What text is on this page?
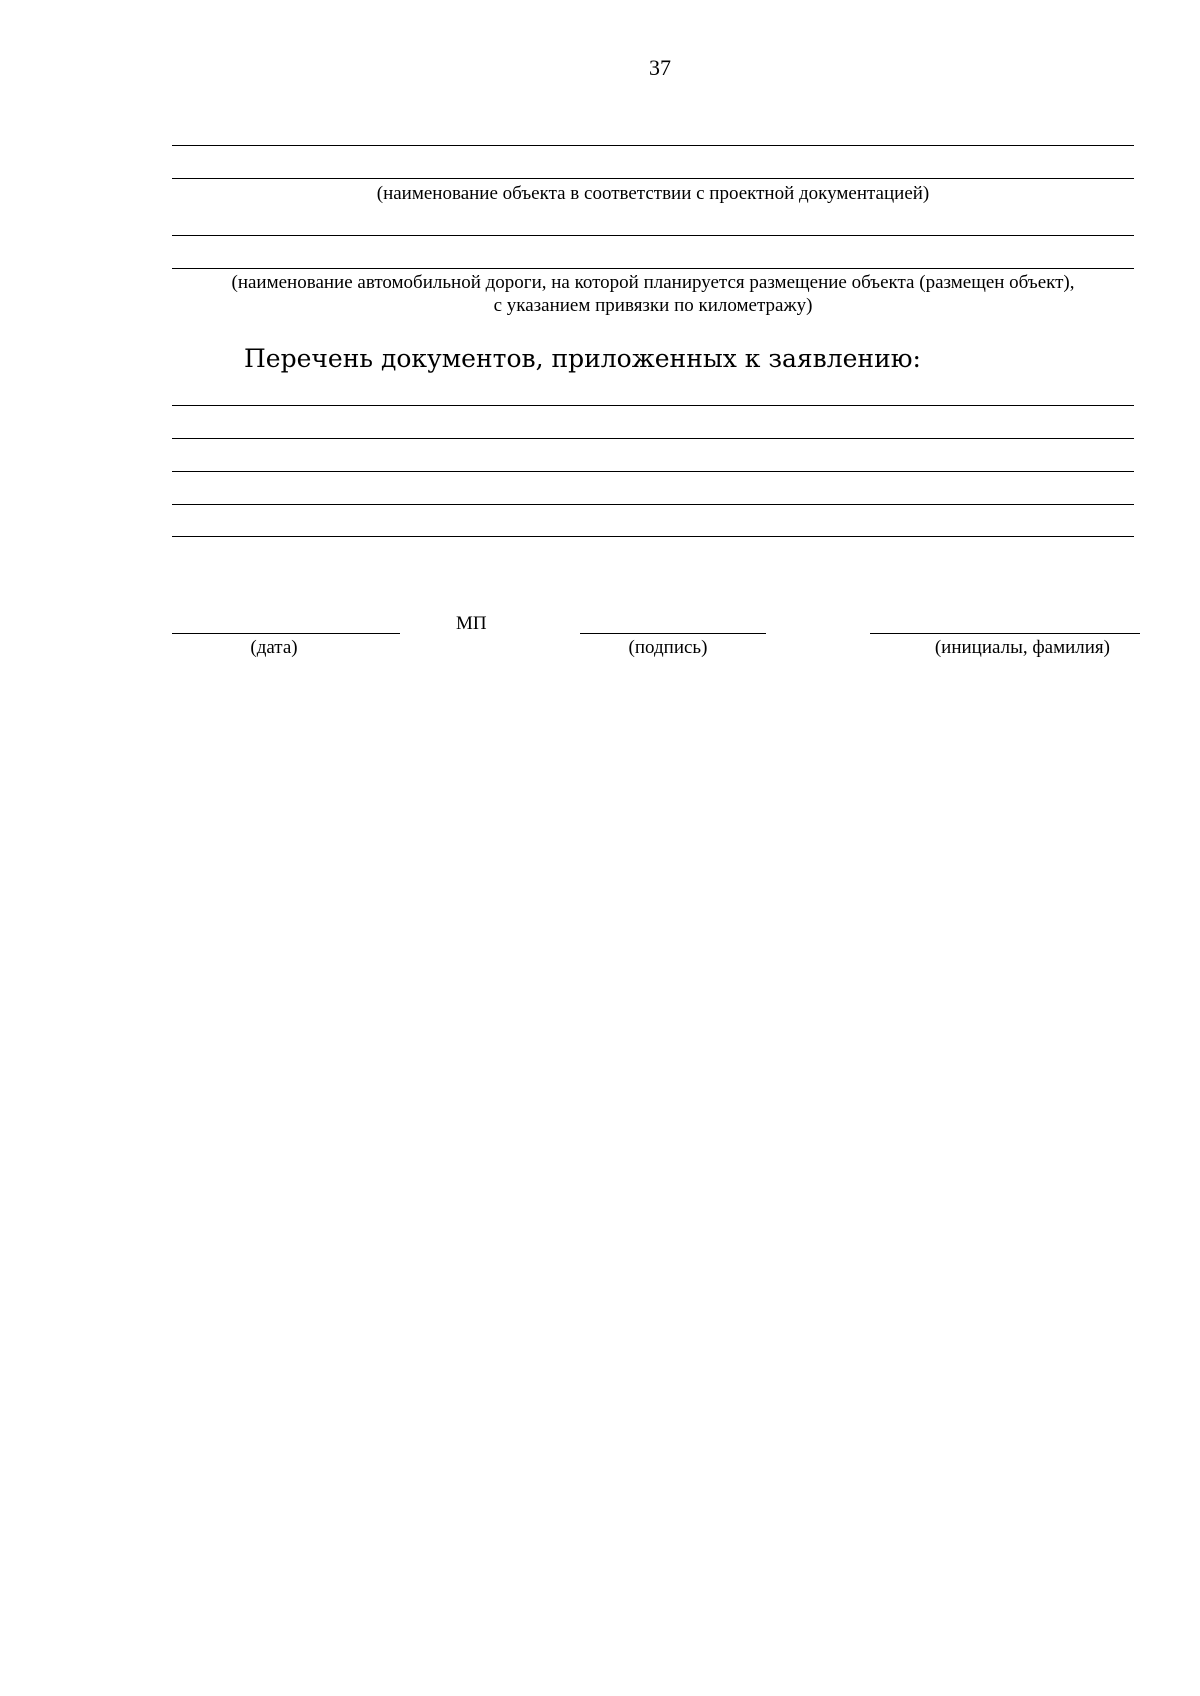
37
(наименование объекта в соответствии с проектной документацией)
(наименование автомобильной дороги, на которой планируется размещение объекта (размещен объект),
с указанием привязки по километражу)
Перечень документов, приложенных к заявлению:
(дата)
МП
(подпись)	(инициалы, фамилия)
